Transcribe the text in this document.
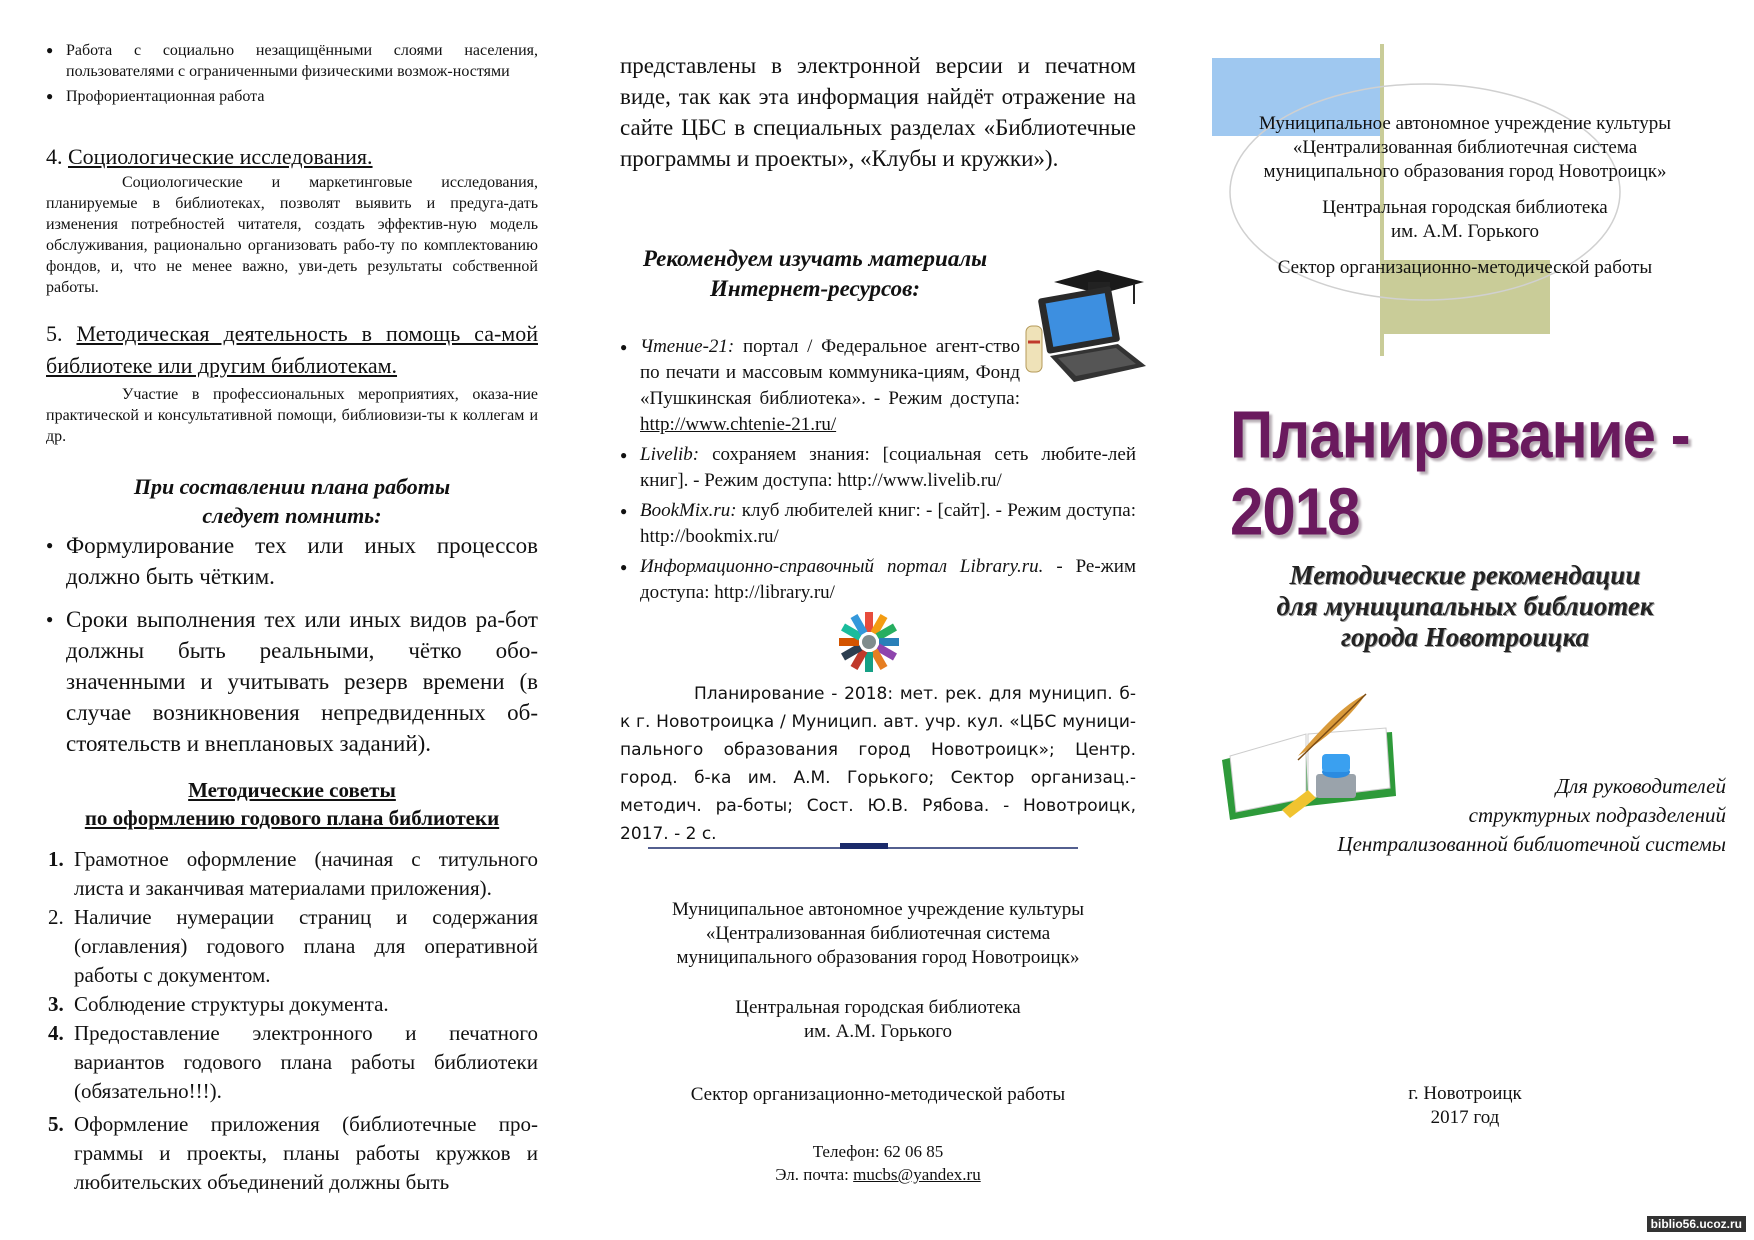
● Работа с социально незащищёнными слоями населения, пользователями с ограниченными физическими возмож-ностями
● Профориентационная работа

4. Социологические исследования.

Социологические и маркетинговые исследования, планируемые в библиотеках, позволят выявить и предуга-дать изменения потребностей читателя, создать эффектив-ную модель обслуживания, рационально организовать рабо-ту по комплектованию фондов, и, что не менее важно, уви-деть результаты собственной работы.

5. Методическая деятельность в помощь са-мой библиотеке или другим библиотекам.

Участие в профессиональных мероприятиях, оказа-ние практической и консультативной помощи, библиовизи-ты к коллегам и др.

При составлении плана работы
следует помнить:
● Формулирование тех или иных процессов должно быть чётким.
● Сроки выполнения тех или иных видов ра-бот должны быть реальными, чётко обо-значенными и учитывать резерв времени (в случае возникновения непредвиденных об-стоятельств и внеплановых заданий).
Методические советы
по оформлению годового плана библиотеки
1. Грамотное оформление (начиная с титульного листа и заканчивая материалами приложения).
2. Наличие нумерации страниц и содержания (оглавления) годового плана для оперативной работы с документом.
3. Соблюдение структуры документа.
4. Предоставление электронного и печатного вариантов годового плана работы библиотеки (обязательно!!!).
5. Оформление приложения (библиотечные про-граммы и проекты, планы работы кружков и любительских объединений должны быть

представлены в электронной версии и печатном виде, так как эта информация найдёт отражение на сайте ЦБС в специальных разделах «Библиотечные программы и проекты», «Клубы и кружки»).

Рекомендуем изучать материалы
Интернет-ресурсов:
● Чтение-21: портал / Федеральное агент-ство по печати и массовым коммуника-циям, Фонд «Пушкинская библиотека». - Режим доступа: http://www.chtenie-21.ru/
● Livelib: сохраняем знания: [социальная сеть любите-лей книг]. - Режим доступа: http://www.livelib.ru/
● BookMix.ru: клуб любителей книг: - [сайт]. - Режим доступа: http://bookmix.ru/
● Информационно-справочный портал Library.ru. - Ре-жим доступа: http://library.ru/

Планирование - 2018: мет. рек. для муницип. б-к г. Новотроицка / Муницип. авт. учр. кул. «ЦБС муници-пального образования город Новотроицк»; Центр. город. б-ка им. А.М. Горького; Сектор организац.-методич. ра-боты; Сост. Ю.В. Рябова. - Новотроицк, 2017. - 2 с.

Муниципальное автономное учреждение культуры
«Централизованная библиотечная система
муниципального образования город Новотроицк»
Центральная городская библиотека
им. А.М. Горького
Сектор организационно-методической работы
Телефон: 62 06 85
Эл. почта: mucbs@yandex.ru
Муниципальное автономное учреждение культуры
«Централизованная библиотечная система
муниципального образования город Новотроицк»
Центральная городская библиотека
им. А.М. Горького
Сектор организационно-методической работы
Планирование - 2018
Методические рекомендации
для муниципальных библиотек
города Новотроицка
Для руководителей
структурных подразделений
Централизованной библиотечной системы
г. Новотроицк
2017 год
biblio56.ucoz.ru
